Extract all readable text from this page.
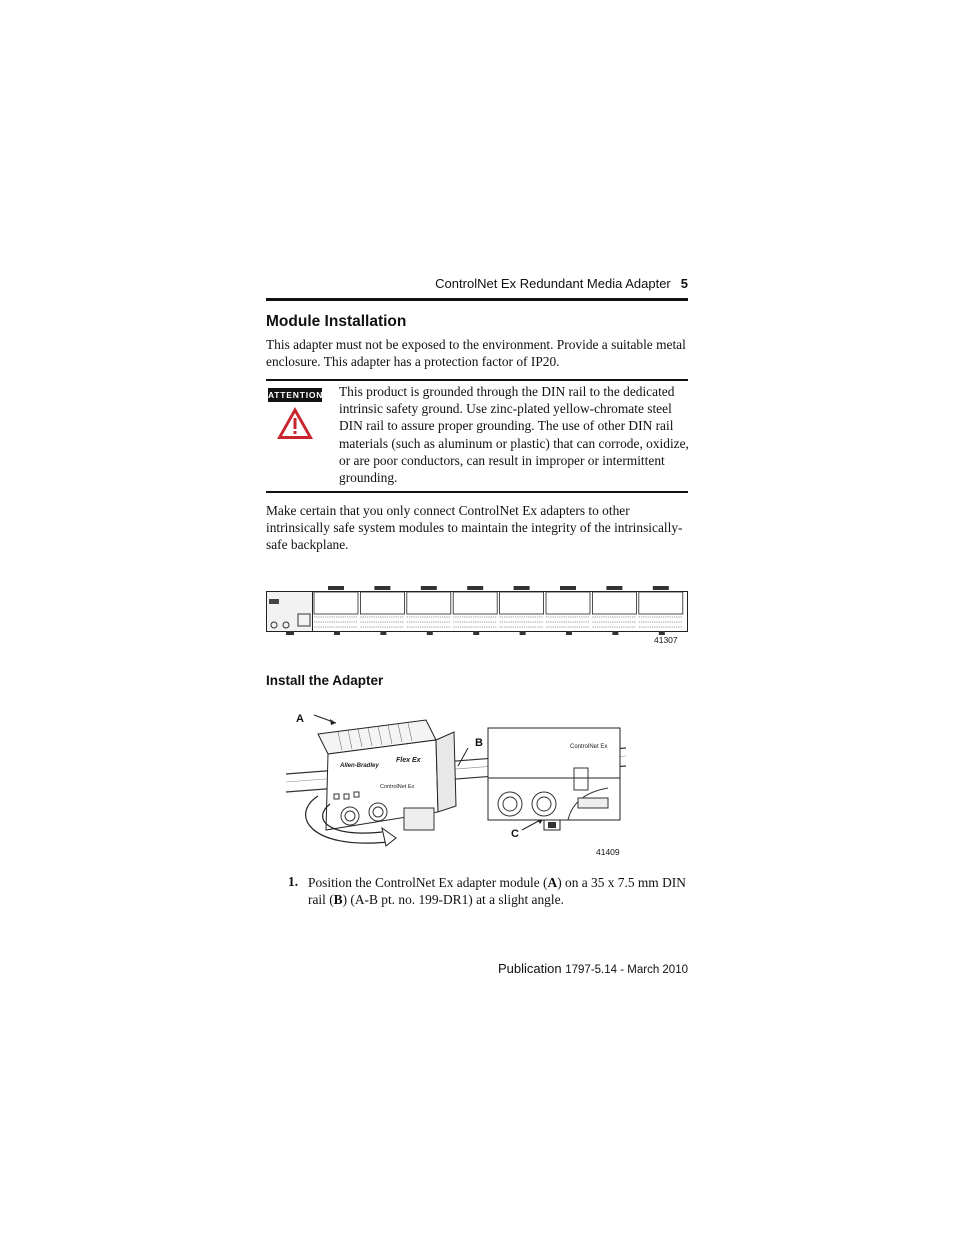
ControlNet Ex Redundant Media Adapter 5
Module Installation

This adapter must not be exposed to the environment. Provide a suitable metal enclosure. This adapter has a protection factor of IP20.

ATTENTION This product is grounded through the DIN rail to the dedicated intrinsic safety ground. Use zinc-plated yellow-chromate steel DIN rail to assure proper grounding. The use of other DIN rail materials (such as aluminum or plastic) that can corrode, oxidize, or are poor conductors, can result in improper or intermittent grounding.

Make certain that you only connect ControlNet Ex adapters to other intrinsically safe system modules to maintain the integrity of the intrinsically-safe backplane.

41307
Install the Adapter
Allen-Bradley
Flex Ex
ControlNet Ex
ControlNet Ex
A
B
C
41409
1. Position the ControlNet Ex adapter module (A) on a 35 x 7.5 mm DIN rail (B) (A-B pt. no. 199-DR1) at a slight angle.

Publication 1797-5.14 - March 2010
